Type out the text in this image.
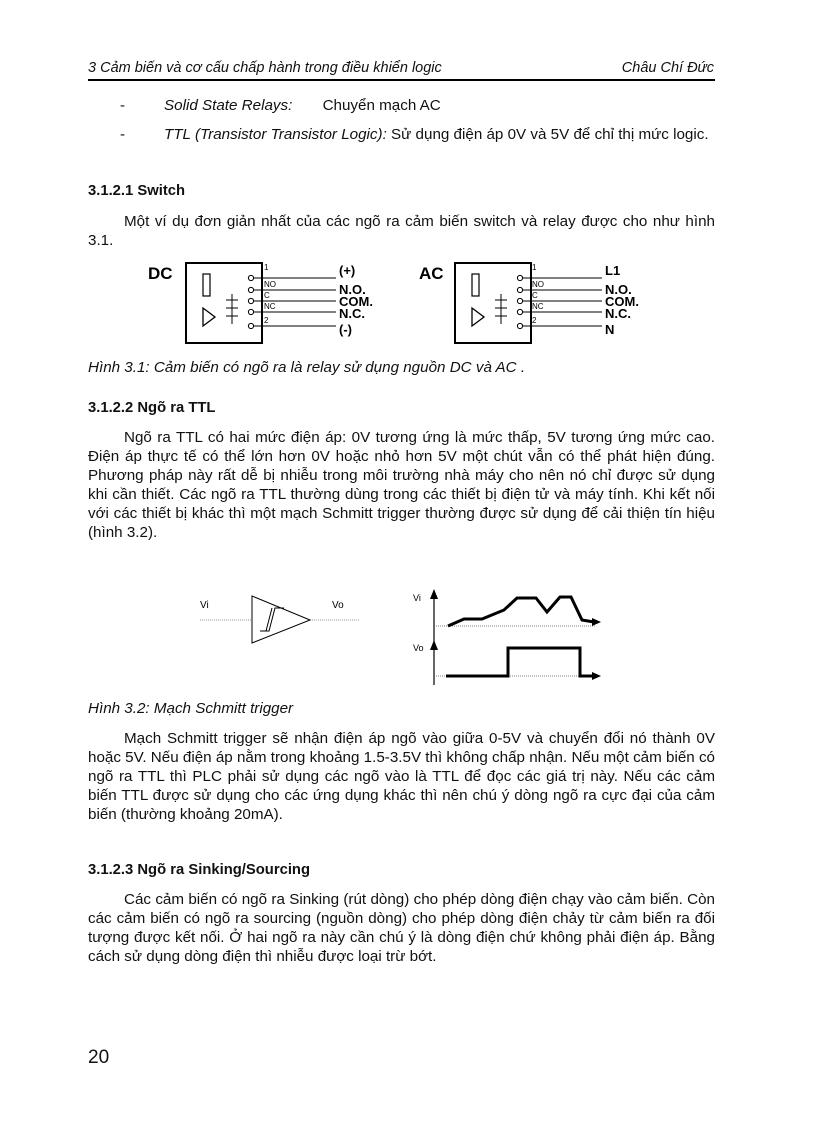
3 Cảm biến và cơ cấu chấp hành trong điều khiển logic	Châu Chí Đức
-	Solid State Relays: Chuyển mạch AC
-	TTL (Transistor Transistor Logic): Sử dụng điện áp 0V và 5V để chỉ thị mức logic.
3.1.2.1 Switch
Một ví dụ đơn giản nhất của các ngõ ra cảm biến switch và relay được cho như hình 3.1.
DC	1
NO
C
NC
2
(+)
N.O.
COM.
N.C.
(-)
AC	1
NO
C
NC
2
L1
N.O.
COM.
N.C.
N
Hình 3.1: Cảm biến có ngõ ra là relay sử dụng nguồn DC và AC .
3.1.2.2 Ngõ ra TTL
Ngõ ra TTL có hai mức điện áp: 0V tương ứng là mức thấp, 5V tương ứng mức cao. Điện áp thực tế có thể lớn hơn 0V hoặc nhỏ hơn 5V một chút vẫn có thể phát hiện đúng. Phương pháp này rất dễ bị nhiễu trong môi trường nhà máy cho nên nó chỉ được sử dụng khi cần thiết. Các ngõ ra TTL thường dùng trong các thiết bị điện tử và máy tính. Khi kết nối với các thiết bị khác thì một mạch Schmitt trigger thường được sử dụng để cải thiện tín hiệu (hình 3.2).
Vi	Vo
Vi
Vo
Hình 3.2: Mạch Schmitt trigger
Mạch Schmitt trigger sẽ nhận điện áp ngõ vào giữa 0-5V và chuyển đổi nó thành 0V hoặc 5V. Nếu điện áp nằm trong khoảng 1.5-3.5V thì không chấp nhận. Nếu một cảm biến có ngõ ra TTL thì PLC phải sử dụng các ngõ vào là TTL để đọc các giá trị này. Nếu các cảm biến TTL được sử dụng cho các ứng dụng khác thì nên chú ý dòng ngõ ra cực đại của cảm biến (thường khoảng 20mA).
3.1.2.3 Ngõ ra Sinking/Sourcing
Các cảm biến có ngõ ra Sinking (rút dòng) cho phép dòng điện chạy vào cảm biến. Còn các cảm biến có ngõ ra sourcing (nguồn dòng) cho phép dòng điện chảy từ cảm biến ra đối tượng được kết nối. Ở hai ngõ ra này cần chú ý là dòng điện chứ không phải điện áp. Bằng cách sử dụng dòng điện thì nhiễu được loại trừ bớt.
20
